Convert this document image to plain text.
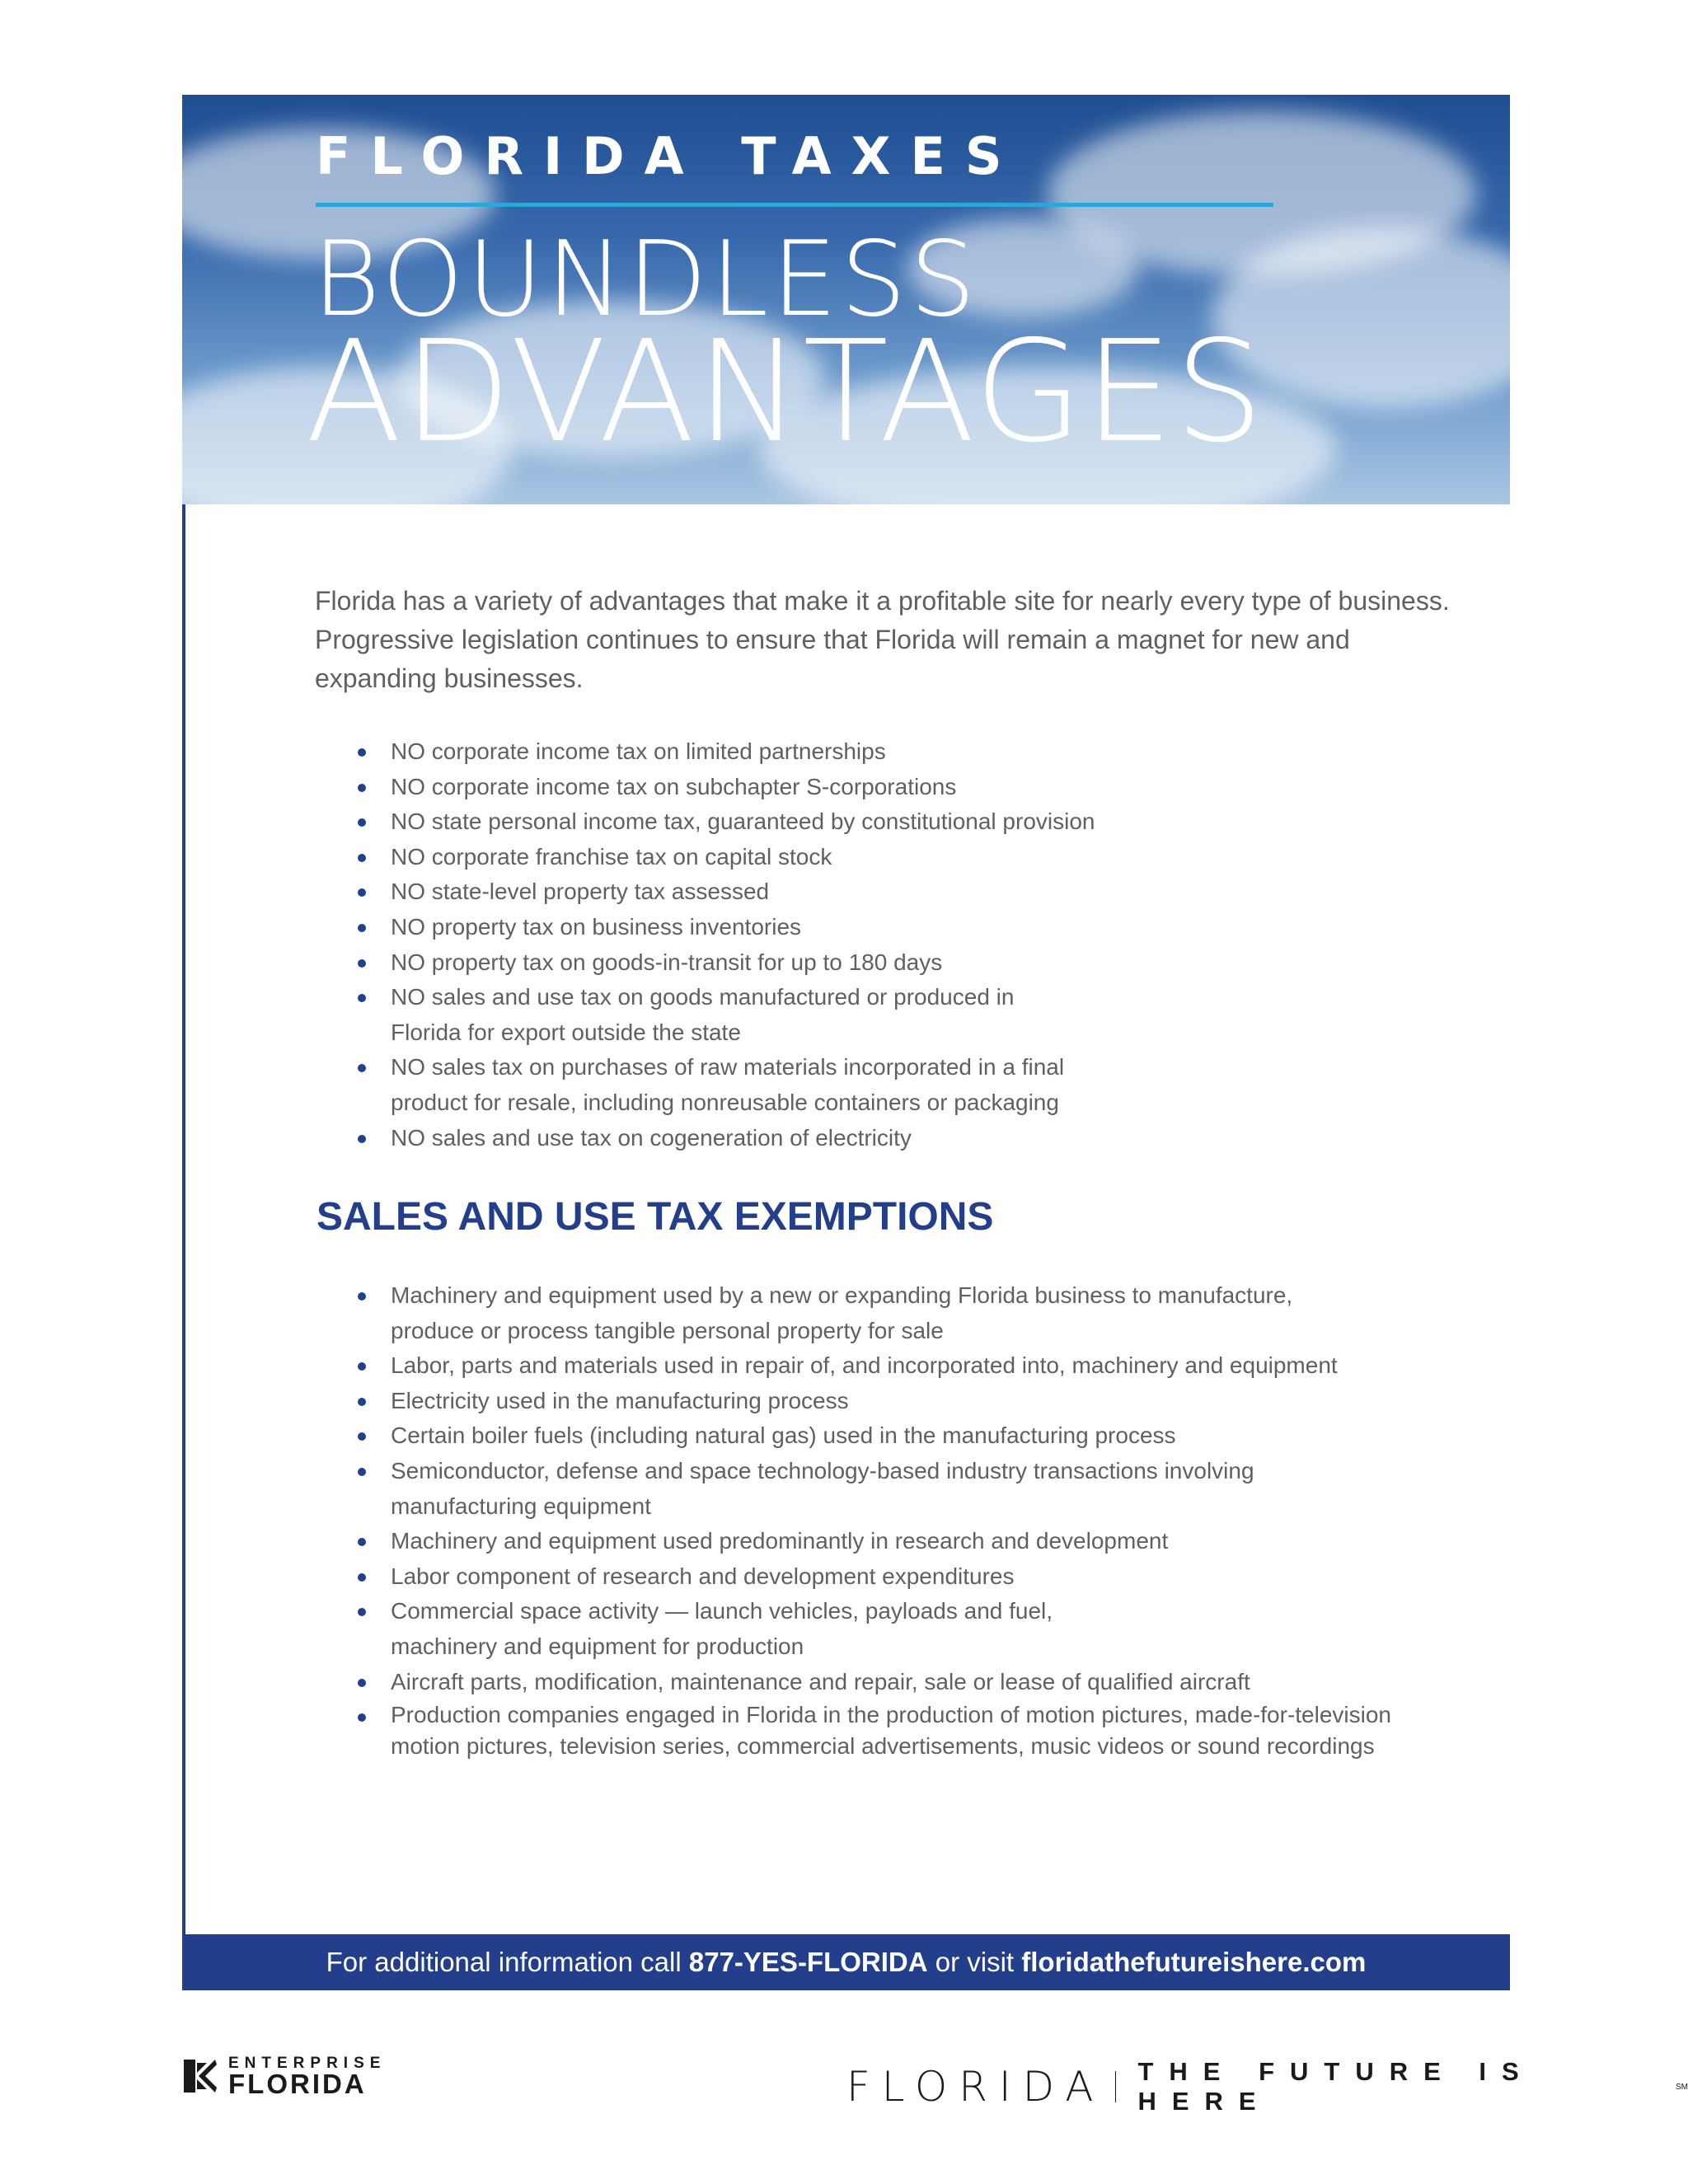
FLORIDA TAXES
BOUNDLESS
ADVANTAGES

Florida has a variety of advantages that make it a profitable site for nearly every type of business. Progressive legislation continues to ensure that Florida will remain a magnet for new and expanding businesses.

NO corporate income tax on limited partnerships
NO corporate income tax on subchapter S-corporations
NO state personal income tax, guaranteed by constitutional provision
NO corporate franchise tax on capital stock
NO state-level property tax assessed
NO property tax on business inventories
NO property tax on goods-in-transit for up to 180 days
NO sales and use tax on goods manufactured or produced in Florida for export outside the state
NO sales tax on purchases of raw materials incorporated in a final product for resale, including nonreusable containers or packaging
NO sales and use tax on cogeneration of electricity
SALES AND USE TAX EXEMPTIONS
Machinery and equipment used by a new or expanding Florida business to manufacture, produce or process tangible personal property for sale
Labor, parts and materials used in repair of, and incorporated into, machinery and equipment
Electricity used in the manufacturing process
Certain boiler fuels (including natural gas) used in the manufacturing process
Semiconductor, defense and space technology-based industry transactions involving manufacturing equipment
Machinery and equipment used predominantly in research and development
Labor component of research and development expenditures
Commercial space activity — launch vehicles, payloads and fuel, machinery and equipment for production
Aircraft parts, modification, maintenance and repair, sale or lease of qualified aircraft
Production companies engaged in Florida in the production of motion pictures, made-for-television motion pictures, television series, commercial advertisements, music videos or sound recordings
For additional information call 877-YES-FLORIDA or visit floridathefutureishere.com
ENTERPRISE
FLORIDA	FLORIDA THE FUTURE IS HERE	SM
